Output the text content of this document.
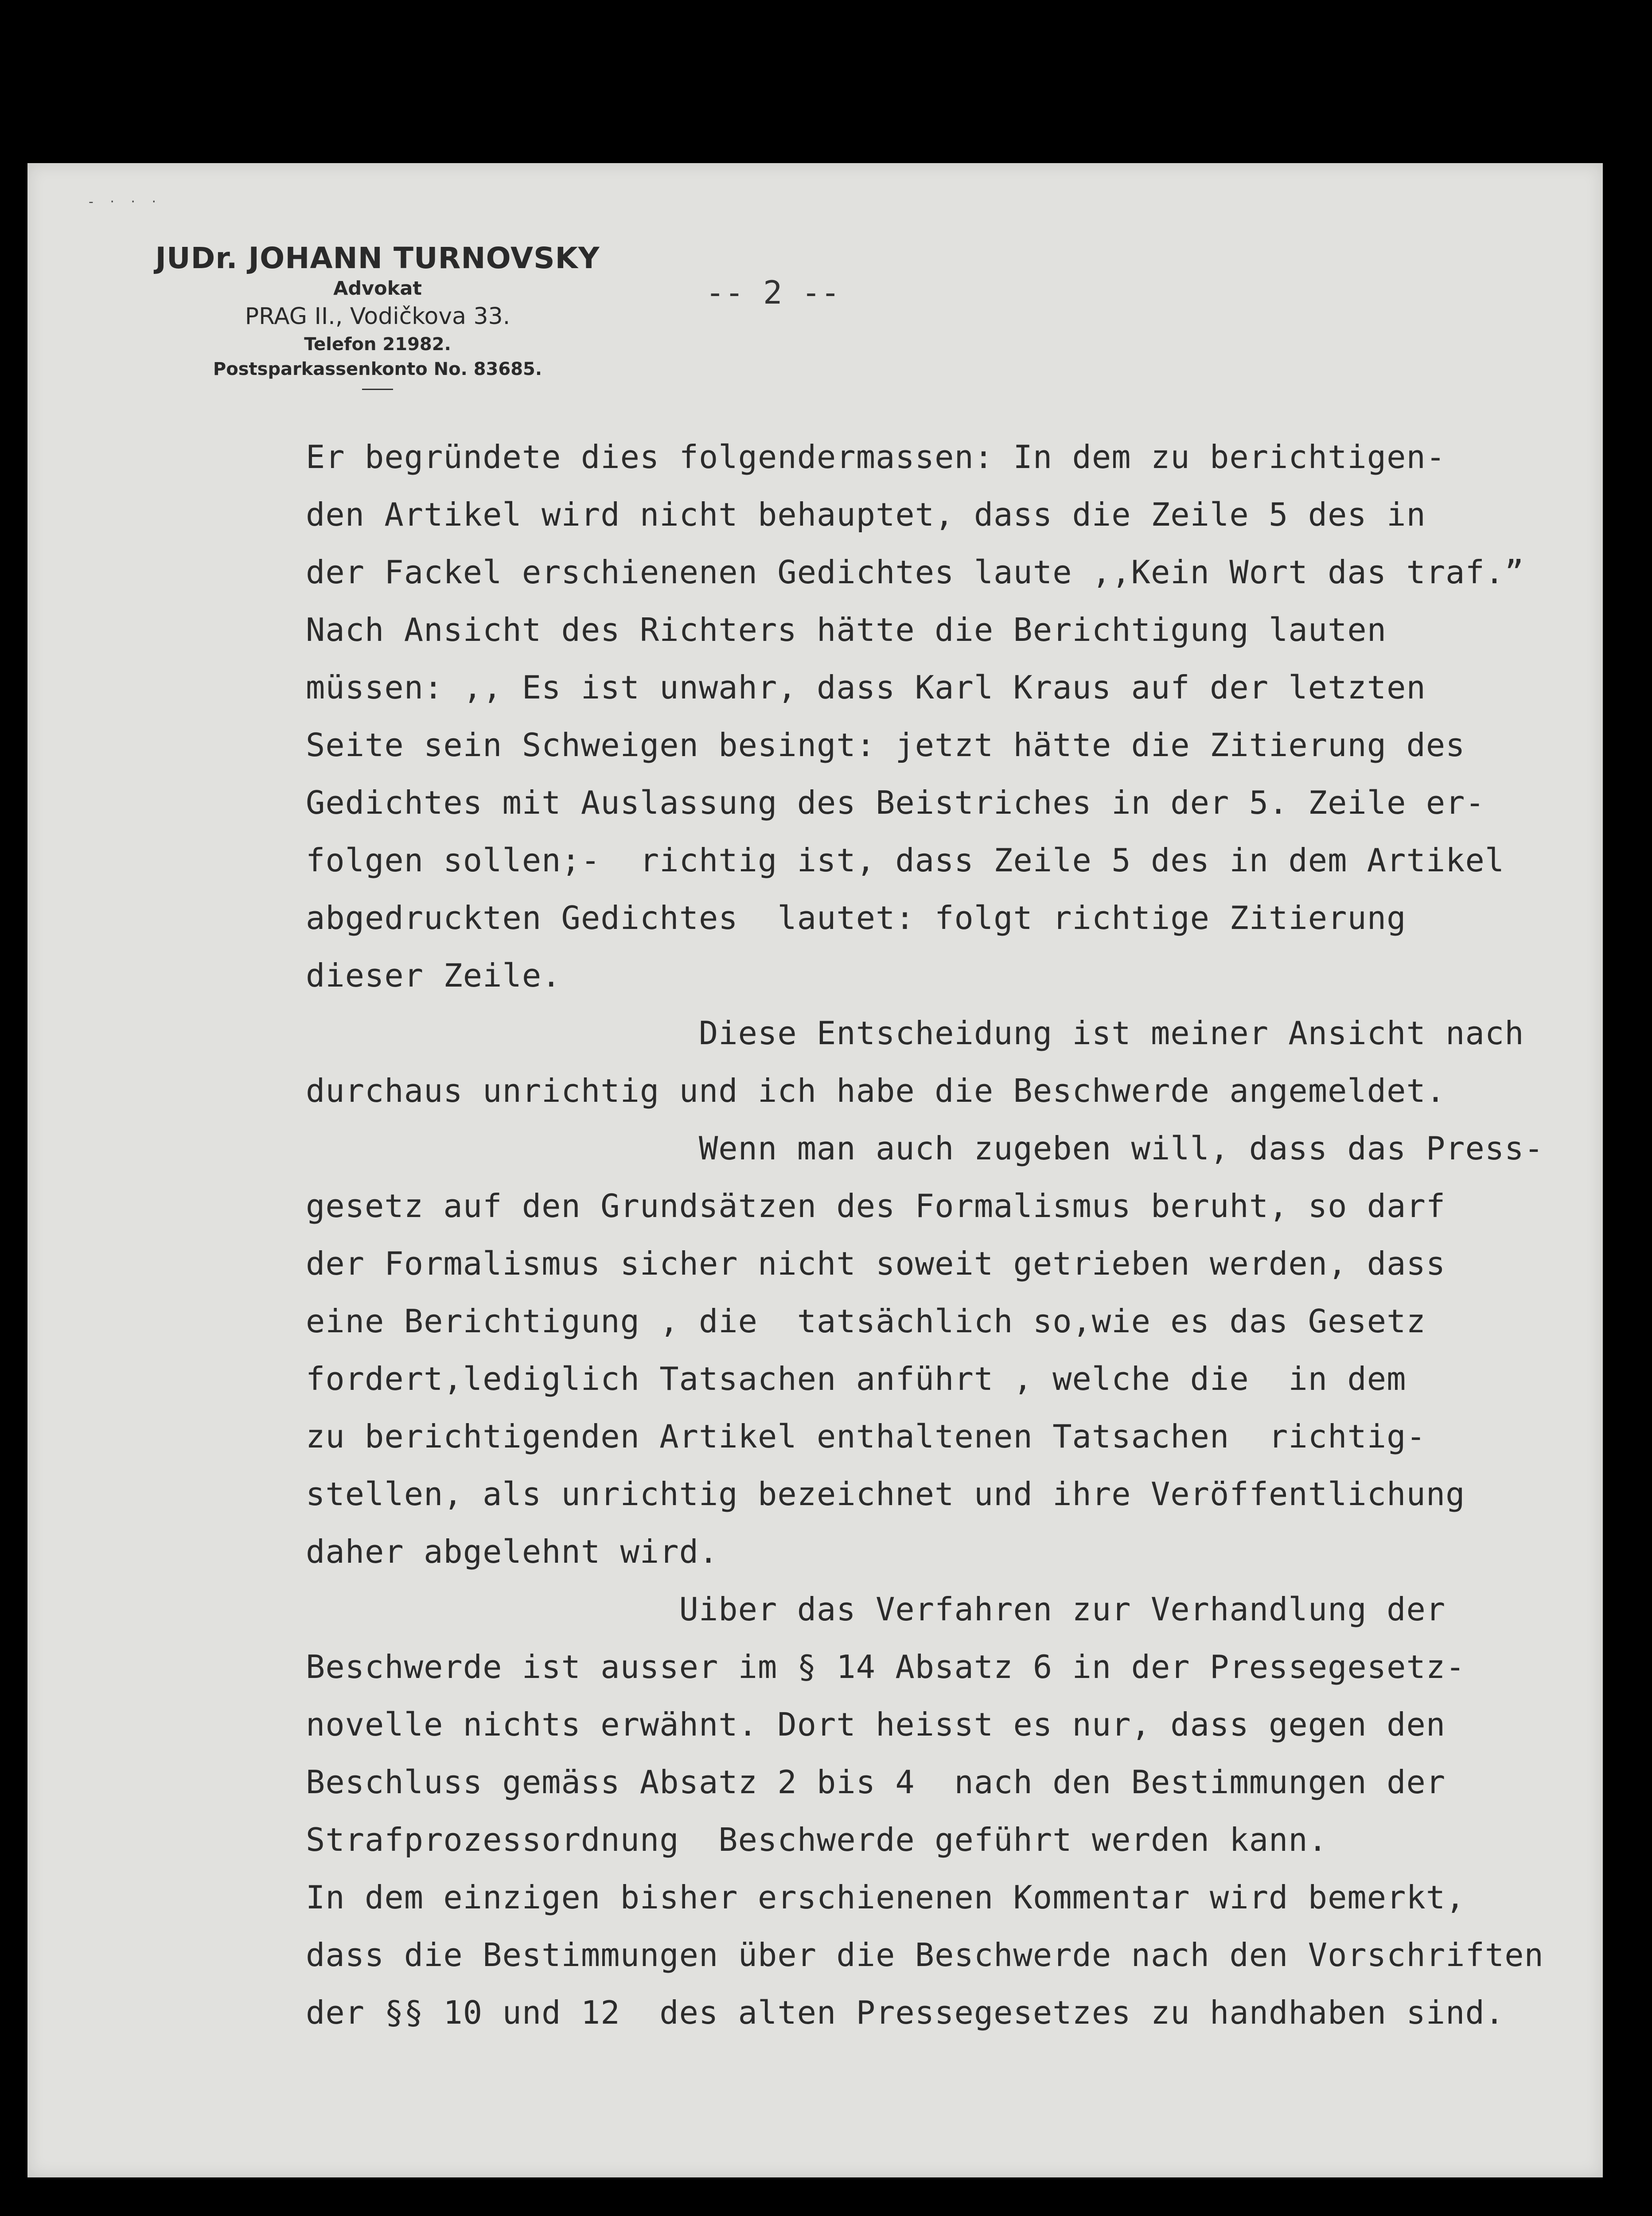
- · · ·
JUDr. JOHANN TURNOVSKY
Advokat
PRAG II., Vodičkova 33.
Telefon 21982.
Postsparkassenkonto No. 83685.
-- 2 --
Er begründete dies folgendermassen: In dem zu berichtigen-
den Artikel wird nicht behauptet, dass die Zeile 5 des in
der Fackel erschienenen Gedichtes laute ,,Kein Wort das traf.”
Nach Ansicht des Richters hätte die Berichtigung lauten
müssen: ,, Es ist unwahr, dass Karl Kraus auf der letzten
Seite sein Schweigen besingt: jetzt hätte die Zitierung des
Gedichtes mit Auslassung des Beistriches in der 5. Zeile er-
folgen sollen;-  richtig ist, dass Zeile 5 des in dem Artikel
abgedruckten Gedichtes  lautet: folgt richtige Zitierung
dieser Zeile.
Diese Entscheidung ist meiner Ansicht nach
durchaus unrichtig und ich habe die Beschwerde angemeldet.
Wenn man auch zugeben will, dass das Press-
gesetz auf den Grundsätzen des Formalismus beruht, so darf
der Formalismus sicher nicht soweit getrieben werden, dass
eine Berichtigung , die  tatsächlich so,wie es das Gesetz
fordert,lediglich Tatsachen anführt , welche die  in dem
zu berichtigenden Artikel enthaltenen Tatsachen  richtig-
stellen, als unrichtig bezeichnet und ihre Veröffentlichung
daher abgelehnt wird.
Uiber das Verfahren zur Verhandlung der
Beschwerde ist ausser im § 14 Absatz 6 in der Pressegesetz-
novelle nichts erwähnt. Dort heisst es nur, dass gegen den
Beschluss gemäss Absatz 2 bis 4  nach den Bestimmungen der
Strafprozessordnung  Beschwerde geführt werden kann.
In dem einzigen bisher erschienenen Kommentar wird bemerkt,
dass die Bestimmungen über die Beschwerde nach den Vorschriften
der §§ 10 und 12  des alten Pressegesetzes zu handhaben sind.
